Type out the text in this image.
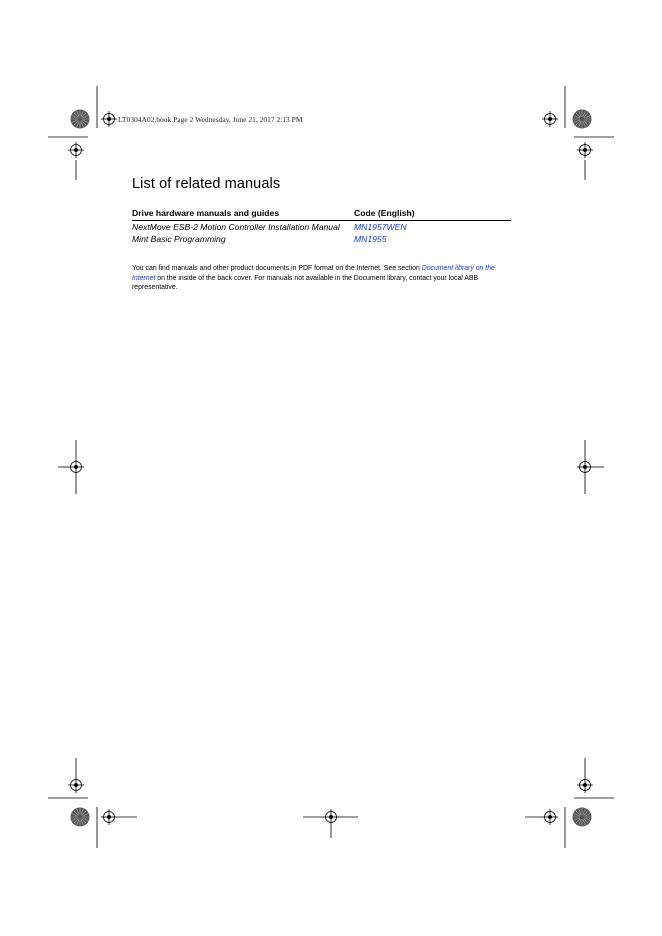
LT0304A02.book Page 2 Wednesday, June 21, 2017 2:13 PM
List of related manuals
Drive hardware manuals and guides	Code (English)
NextMove ESB-2 Motion Controller Installation Manual	MN1957WEN
Mint Basic Programming	MN1955

You can find manuals and other product documents in PDF format on the Internet. See section Document library on the Internet on the inside of the back cover. For manuals not available in the Document library, contact your local ABB representative.
